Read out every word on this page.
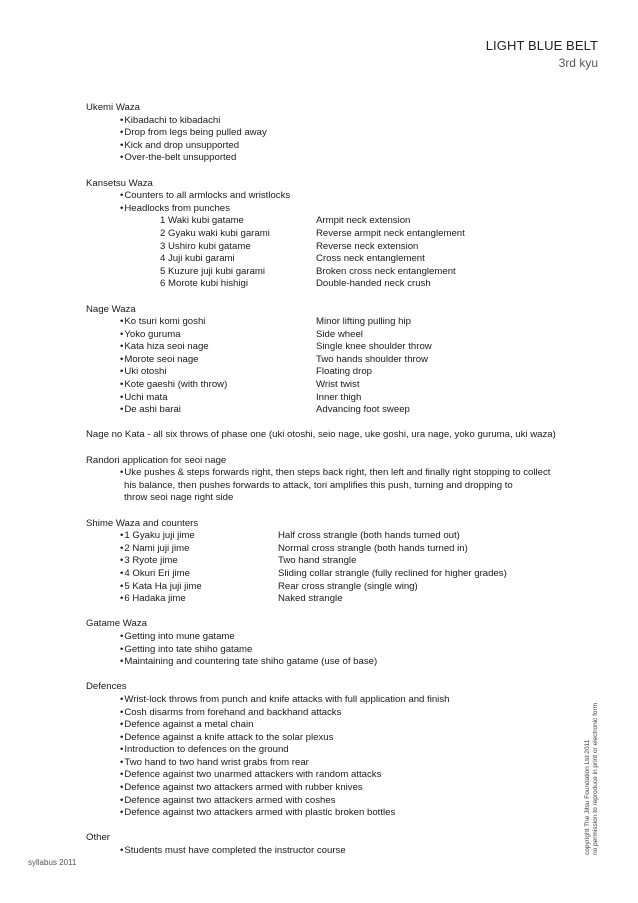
LIGHT BLUE BELT
3rd kyu
Ukemi Waza
• Kibadachi to kibadachi
• Drop from legs being pulled away
• Kick and drop unsupported
• Over-the-belt unsupported
Kansetsu Waza
• Counters to all armlocks and wristlocks
• Headlocks from punches
1 Waki kubi gatame	Armpit neck extension
2 Gyaku waki kubi garami	Reverse armpit neck entanglement
3 Ushiro kubi gatame	Reverse neck extension
4 Juji kubi garami	Cross neck entanglement
5 Kuzure juji kubi garami	Broken cross neck entanglement
6 Morote kubi hishigi	Double-handed neck crush
Nage Waza
• Ko tsuri komi goshi	Minor lifting pulling hip
• Yoko guruma	Side wheel
• Kata hiza seoi nage	Single knee shoulder throw
• Morote seoi nage	Two hands shoulder throw
• Uki otoshi	Floating drop
• Kote gaeshi (with throw)	Wrist twist
• Uchi mata	Inner thigh
• De ashi barai	Advancing foot sweep
Nage no Kata - all six throws of phase one (uki otoshi, seio nage, uke goshi, ura nage, yoko guruma, uki waza)
Randori application for seoi nage
• Uke pushes & steps forwards right, then steps back right, then left and finally right stopping to collect
his balance, then pushes forwards to attack, tori amplifies this push, turning and dropping to
throw seoi nage right side
Shime Waza and counters
• 1 Gyaku juji jime	Half cross strangle (both hands turned out)
• 2 Nami juji jime	Normal cross strangle (both hands turned in)
• 3 Ryote jime	Two hand strangle
• 4 Okuri Eri jime	Sliding collar strangle (fully reclined for higher grades)
• 5 Kata Ha juji jime	Rear cross strangle (single wing)
• 6 Hadaka jime	Naked strangle
Gatame Waza
• Getting into mune gatame
• Getting into tate shiho gatame
• Maintaining and countering tate shiho gatame (use of base)
Defences
• Wrist-lock throws from punch and knife attacks with full application and finish
• Cosh disarms from forehand and backhand attacks
• Defence against a metal chain
• Defence against a knife attack to the solar plexus
• Introduction to defences on the ground
• Two hand to two hand wrist grabs from rear
• Defence against two unarmed attackers with random attacks
• Defence against two attackers armed with rubber knives
• Defence against two attackers armed with coshes
• Defence against two attackers armed with plastic broken bottles
Other
• Students must have completed the instructor course
syllabus 2011
copyright The Jitsu Foundation Ltd 2011 no permission to reproduce in print or electronic form
